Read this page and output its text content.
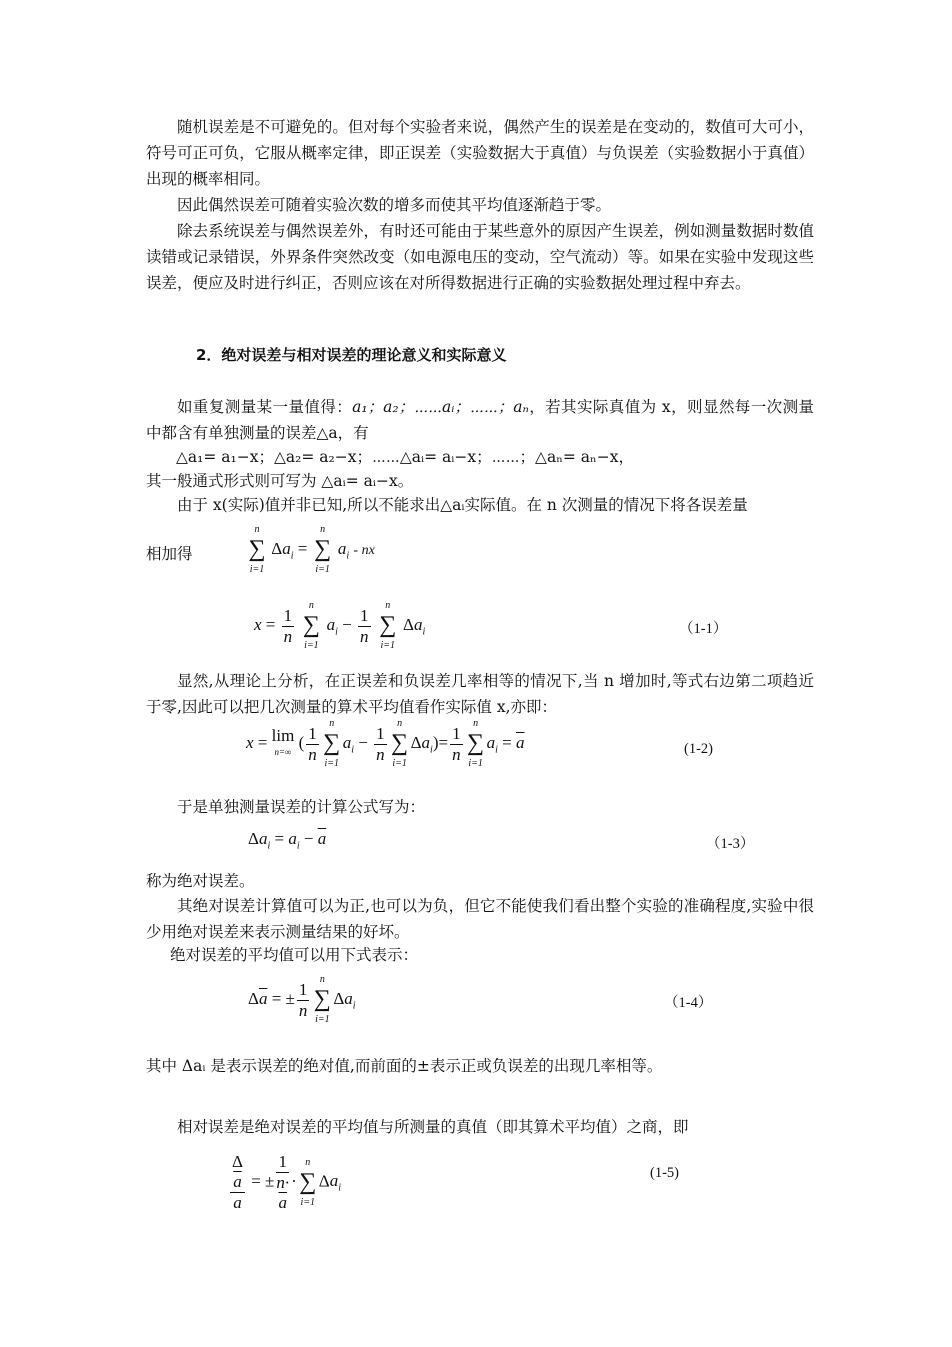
随机误差是不可避免的。但对每个实验者来说，偶然产生的误差是在变动的，数值可大可小，符号可正可负，它服从概率定律，即正误差（实验数据大于真值）与负误差（实验数据小于真值）出现的概率相同。

因此偶然误差可随着实验次数的增多而使其平均值逐渐趋于零。

除去系统误差与偶然误差外，有时还可能由于某些意外的原因产生误差，例如测量数据时数值读错或记录错误，外界条件突然改变（如电源电压的变动，空气流动）等。如果在实验中发现这些误差，便应及时进行纠正，否则应该在对所得数据进行正确的实验数据处理过程中弃去。

2．绝对误差与相对误差的理论意义和实际意义

如重复测量某一量值得：a₁；a₂；⋯⋯aᵢ；⋯⋯；aₙ，若其实际真值为 x，则显然每一次测量中都含有单独测量的误差△a，有

△a₁= a₁−x；△a₂= a₂−x；⋯⋯△aᵢ= aᵢ−x；⋯⋯；△aₙ= aₙ−x，

其一般通式形式则可写为 △aᵢ= aᵢ−x。

由于 x(实际)值并非已知,所以不能求出△aᵢ实际值。在 n 次测量的情况下将各误差量

相加得

n
∑
i=1
$\Delta a_i$ =
n
∑
i=1
$a_i$ - nx
$x = \frac{1}{n}$
	n
∑
i=1
$a_i - \frac{1}{n}$
	n
∑
i=1
$\Delta a_i$	（1-1）

显然,从理论上分析，在正误差和负误差几率相等的情况下,当 n 增加时,等式右边第二项趋近于零,因此可以把几次测量的算术平均值看作实际值 x,亦即：

x = lim
n=∞ ( $\frac{1}{n}$	n
∑
i=1
$a_i - \frac{1}{n}$	n
∑
i=1
$\Delta a_i)= \frac{1}{n}$	n
∑
i=1
$a_i = \overline{a}$	(1-2)

于是单独测量误差的计算公式写为：

$\Delta a_i = a_i - \overline{a}$	（1-3）

称为绝对误差。

其绝对误差计算值可以为正,也可以为负，但它不能使我们看出整个实验的准确程度,实验中很少用绝对误差来表示测量结果的好坏。

绝对误差的平均值可以用下式表示：

$\Delta\overline{a}$ = ± $\frac{1}{n}$	n
∑
i=1
$\Delta a_i$	（1-4）

其中 Δaᵢ 是表示误差的绝对值,而前面的±表示正或负误差的出现几率相等。

相对误差是绝对误差的平均值与所测量的真值（即其算术平均值）之商，即

Δ
$\overline{a}$
a = ± 1
n·
$\overline{a}$ ·
n
∑
i=1
$\Delta a_i$
(1-5)
